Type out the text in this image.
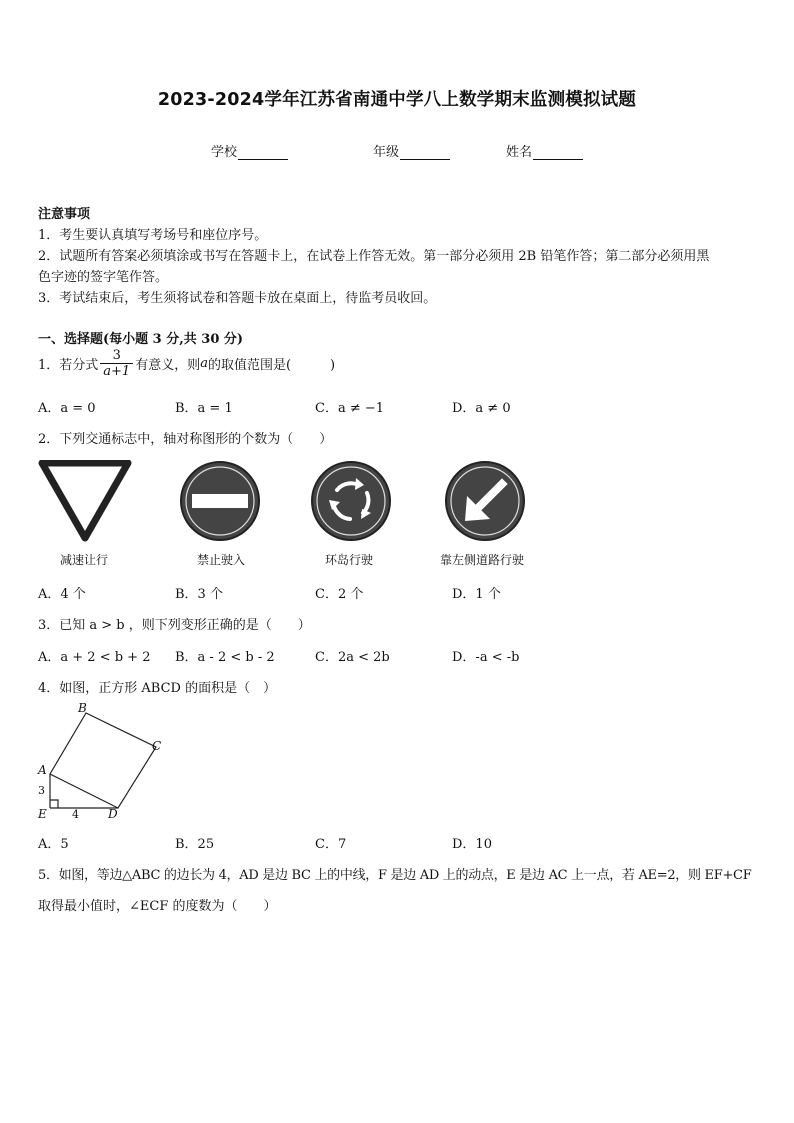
2023-2024学年江苏省南通中学八上数学期末监测模拟试题
学校	年级	姓名
注意事项
1．考生要认真填写考场号和座位序号。
2．试题所有答案必须填涂或书写在答题卡上，在试卷上作答无效。第一部分必须用 2B 铅笔作答；第二部分必须用黑
色字迹的签字笔作答。
3．考试结束后，考生须将试卷和答题卡放在桌面上，待监考员收回。
一、选择题(每小题 3 分,共 30 分)
1．若分式 $\frac{3}{a+1}$ 有意义，则 a 的取值范围是(　　　)
A．a = 0	B．a = 1	C．a ≠ −1	D．a ≠ 0
2．下列交通标志中，轴对称图形的个数为（　　）
减速让行	禁止驶入	环岛行驶	靠左侧道路行驶
A．4 个	B．3 个	C．2 个	D．1 个
3．已知 a > b ，则下列变形正确的是（　　）
A．a + 2 < b + 2 B．a - 2 < b - 2	C．2a < 2b	D．-a < -b
4．如图，正方形 ABCD 的面积是（　）
B
C
A
D
E
3
4
A．5	B．25	C．7	D．10
5．如图，等边△ABC 的边长为 4，AD 是边 BC 上的中线，F 是边 AD 上的动点，E 是边 AC 上一点，若 AE=2，则 EF+CF
取得最小值时，∠ECF 的度数为（　　）
